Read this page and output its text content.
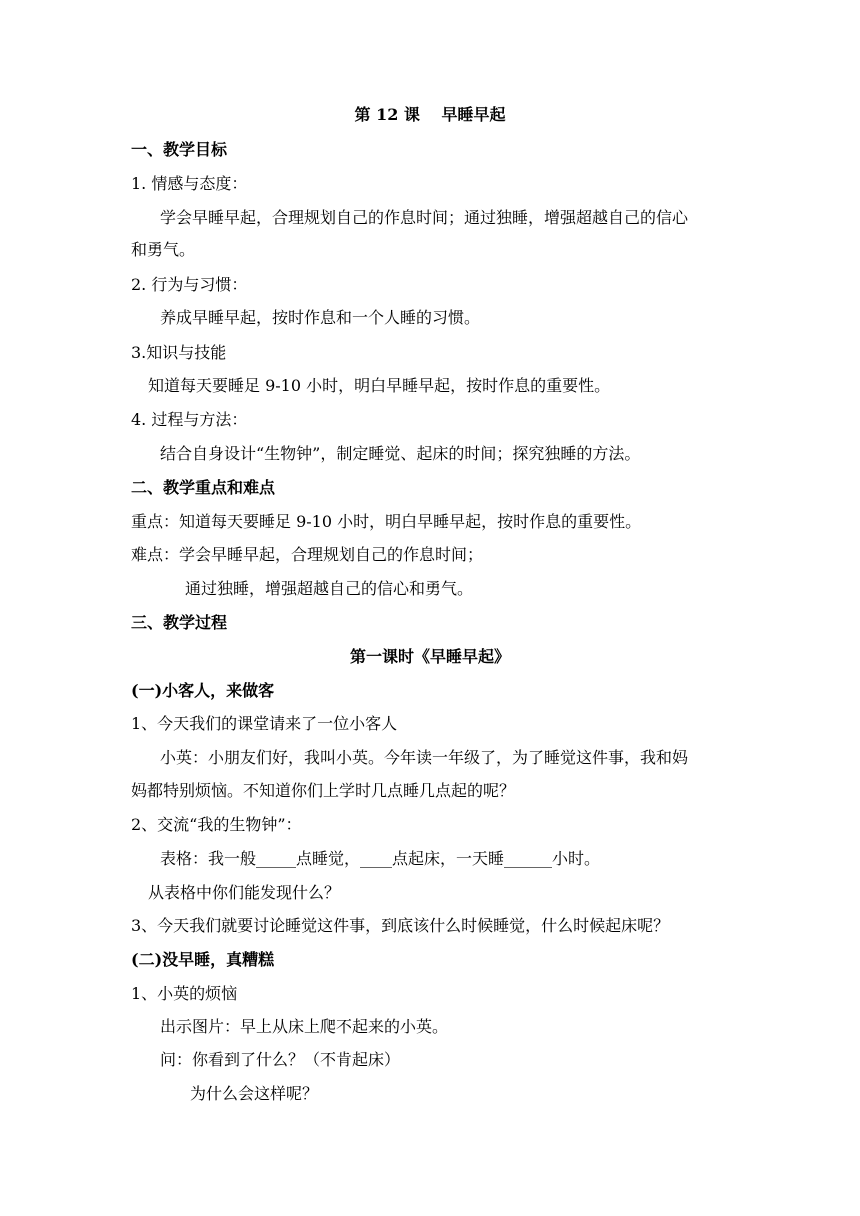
第 12 课　 早睡早起
一、教学目标
1. 情感与态度：
学会早睡早起，合理规划自己的作息时间；通过独睡，增强超越自己的信心
和勇气。
2. 行为与习惯：
养成早睡早起，按时作息和一个人睡的习惯。
3.知识与技能
知道每天要睡足 9-10 小时，明白早睡早起，按时作息的重要性。
4. 过程与方法：
结合自身设计“生物钟”，制定睡觉、起床的时间；探究独睡的方法。
二、教学重点和难点
重点：知道每天要睡足 9-10 小时，明白早睡早起，按时作息的重要性。
难点：学会早睡早起，合理规划自己的作息时间；
通过独睡，增强超越自己的信心和勇气。
三、教学过程
第一课时《早睡早起》
(一)小客人，来做客
1、今天我们的课堂请来了一位小客人
小英：小朋友们好，我叫小英。今年读一年级了，为了睡觉这件事，我和妈
妈都特别烦恼。不知道你们上学时几点睡几点起的呢？
2、交流“我的生物钟”：
表格：我一般_____点睡觉，____点起床，一天睡______小时。
从表格中你们能发现什么？
3、今天我们就要讨论睡觉这件事，到底该什么时候睡觉，什么时候起床呢？
(二)没早睡，真糟糕
1、小英的烦恼
出示图片：早上从床上爬不起来的小英。
问：你看到了什么？（不肯起床）
为什么会这样呢？
